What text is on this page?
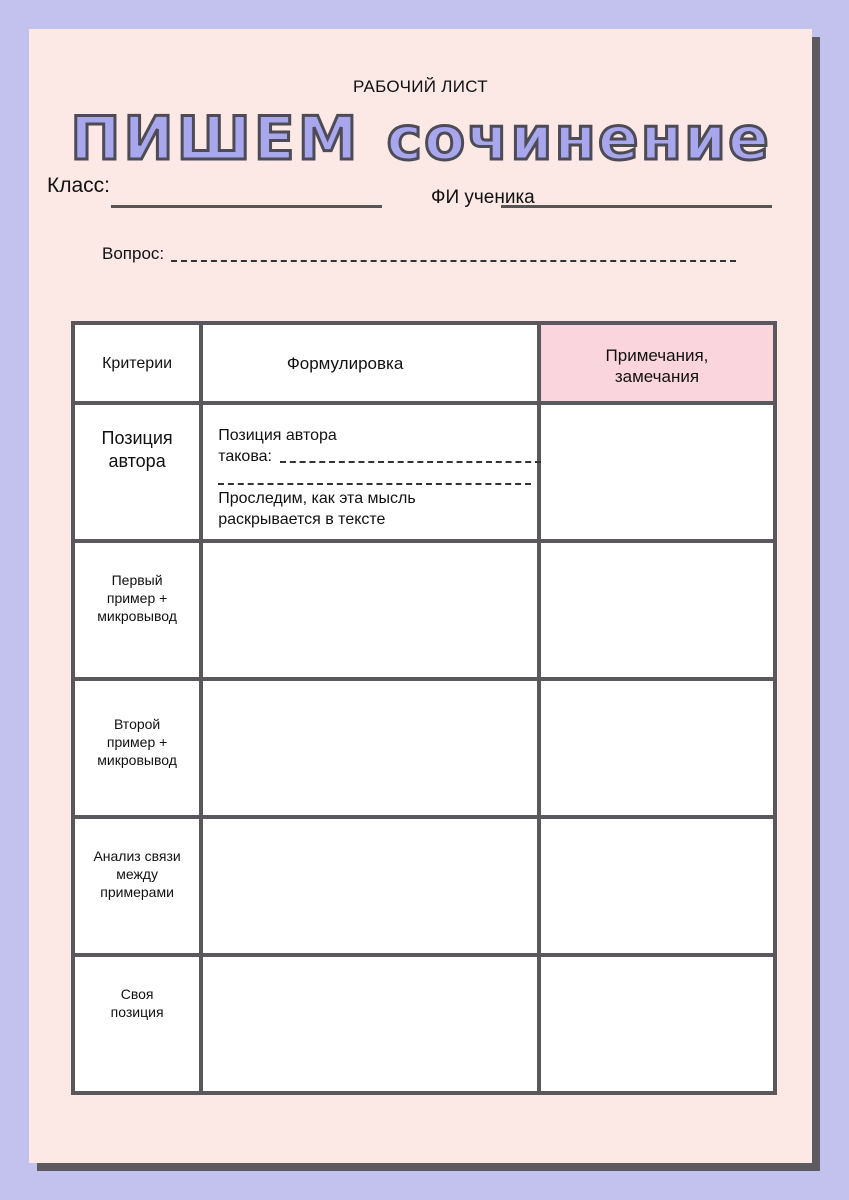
РАБОЧИЙ ЛИСТ
ПИШЕМ сочинение
Класс:
ФИ ученика
Вопрос:
Критерии	Формулировка	Примечания, замечания

Позиция автора	Позиция автора
такова:
Проследим, как эта мысль
раскрывается в тексте	

Первый пример + микровывод		

Второй пример + микровывод		

Анализ связи между примерами		

Своя позиция		
